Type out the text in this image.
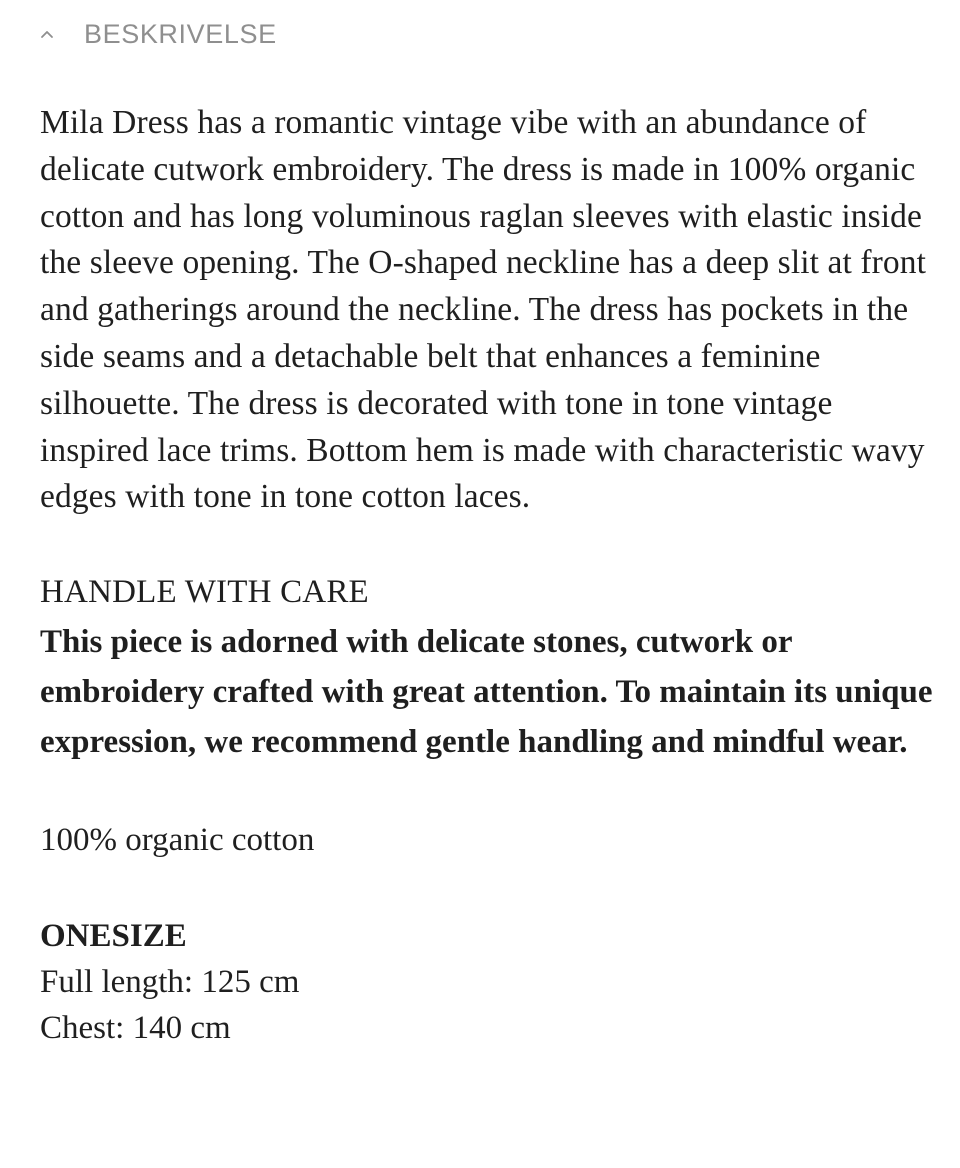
BESKRIVELSE

Mila Dress has a romantic vintage vibe with an abundance of delicate cutwork embroidery. The dress is made in 100% organic cotton and has long voluminous raglan sleeves with elastic inside the sleeve opening. The O-shaped neckline has a deep slit at front and gatherings around the neckline. The dress has pockets in the side seams and a detachable belt that enhances a feminine silhouette. The dress is decorated with tone in tone vintage inspired lace trims. Bottom hem is made with characteristic wavy edges with tone in tone cotton laces.

HANDLE WITH CARE

This piece is adorned with delicate stones, cutwork or embroidery crafted with great attention. To maintain its unique expression, we recommend gentle handling and mindful wear.

100% organic cotton
ONESIZE
Full length: 125 cm
Chest: 140 cm
